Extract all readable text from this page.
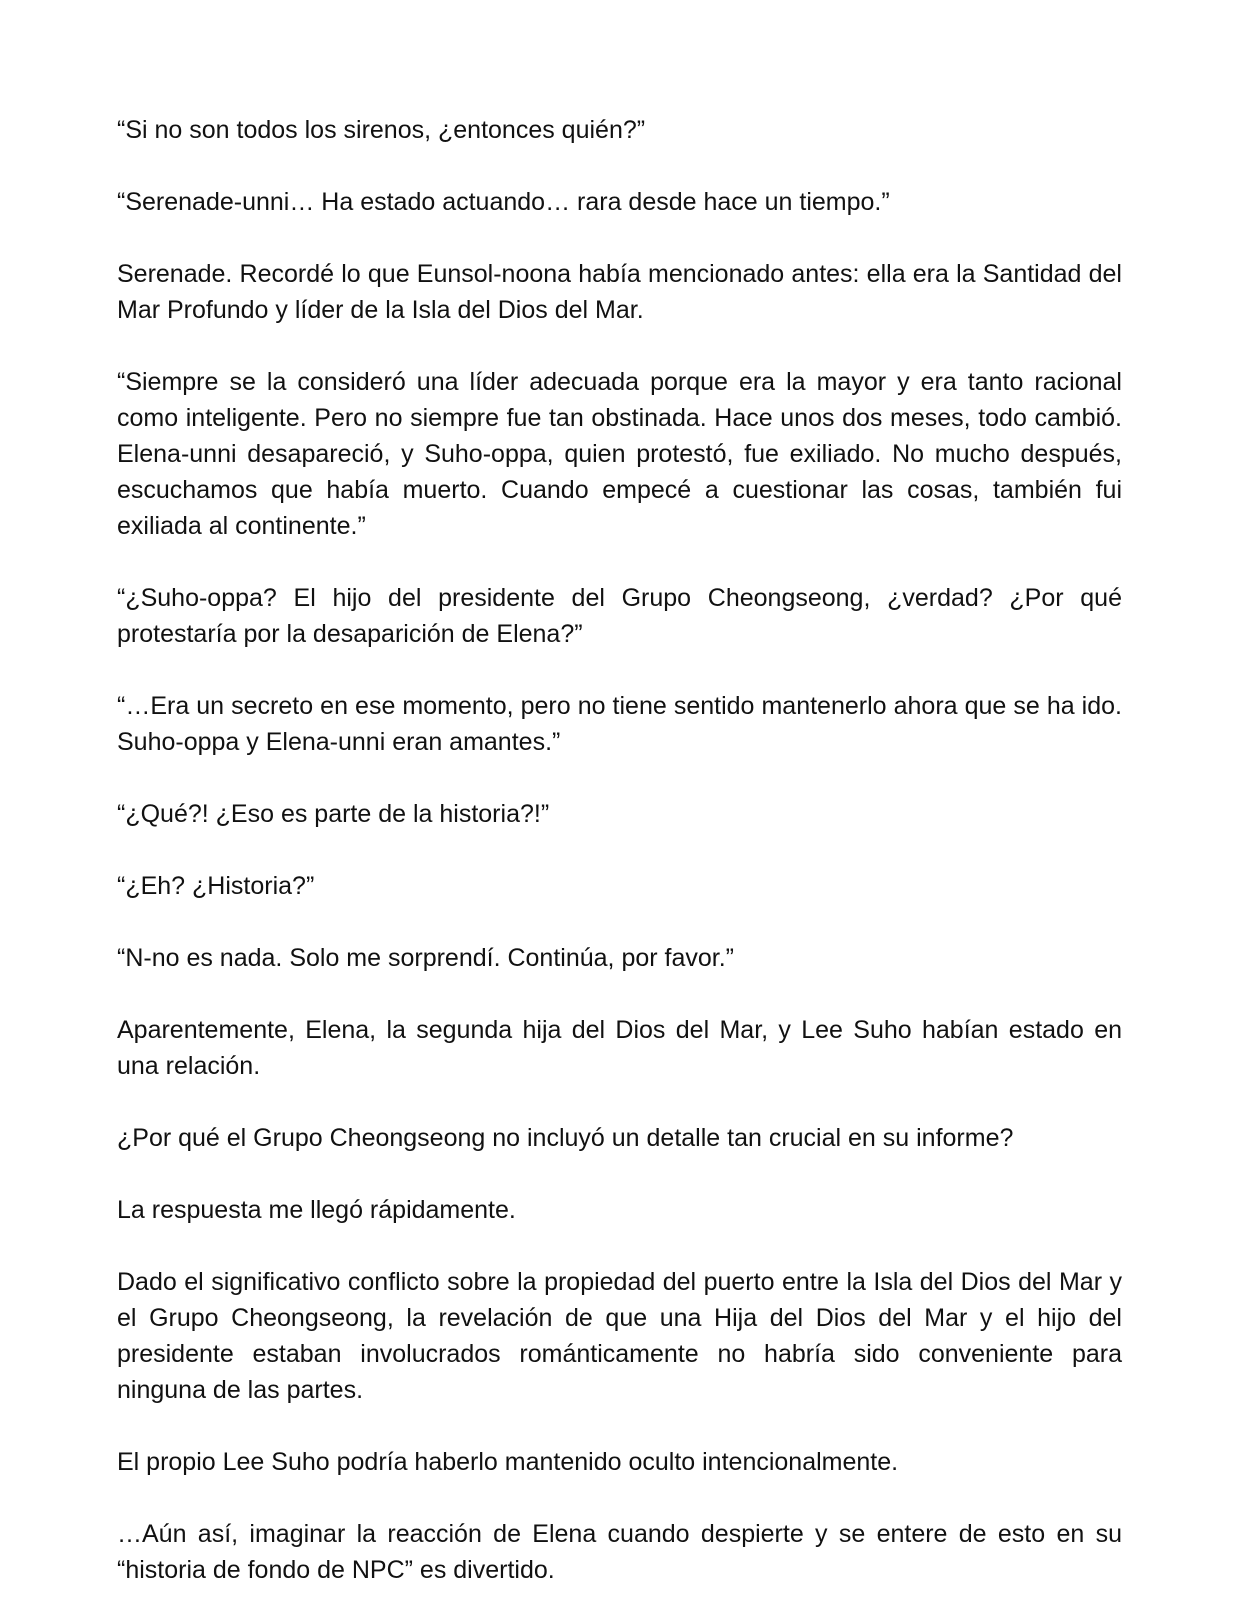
“Si no son todos los sirenos, ¿entonces quién?”

“Serenade-unni… Ha estado actuando… rara desde hace un tiempo.”

Serenade. Recordé lo que Eunsol-noona había mencionado antes: ella era la Santidad del Mar Profundo y líder de la Isla del Dios del Mar.

“Siempre se la consideró una líder adecuada porque era la mayor y era tanto racional como inteligente. Pero no siempre fue tan obstinada. Hace unos dos meses, todo cambió. Elena-unni desapareció, y Suho-oppa, quien protestó, fue exiliado. No mucho después, escuchamos que había muerto. Cuando empecé a cuestionar las cosas, también fui exiliada al continente.”

“¿Suho-oppa? El hijo del presidente del Grupo Cheongseong, ¿verdad? ¿Por qué protestaría por la desaparición de Elena?”

“…Era un secreto en ese momento, pero no tiene sentido mantenerlo ahora que se ha ido. Suho-oppa y Elena-unni eran amantes.”

“¿Qué?! ¿Eso es parte de la historia?!”

“¿Eh? ¿Historia?”

“N-no es nada. Solo me sorprendí. Continúa, por favor.”

Aparentemente, Elena, la segunda hija del Dios del Mar, y Lee Suho habían estado en una relación.

¿Por qué el Grupo Cheongseong no incluyó un detalle tan crucial en su informe?

La respuesta me llegó rápidamente.

Dado el significativo conflicto sobre la propiedad del puerto entre la Isla del Dios del Mar y el Grupo Cheongseong, la revelación de que una Hija del Dios del Mar y el hijo del presidente estaban involucrados románticamente no habría sido conveniente para ninguna de las partes.

El propio Lee Suho podría haberlo mantenido oculto intencionalmente.

…Aún así, imaginar la reacción de Elena cuando despierte y se entere de esto en su “historia de fondo de NPC” es divertido.
